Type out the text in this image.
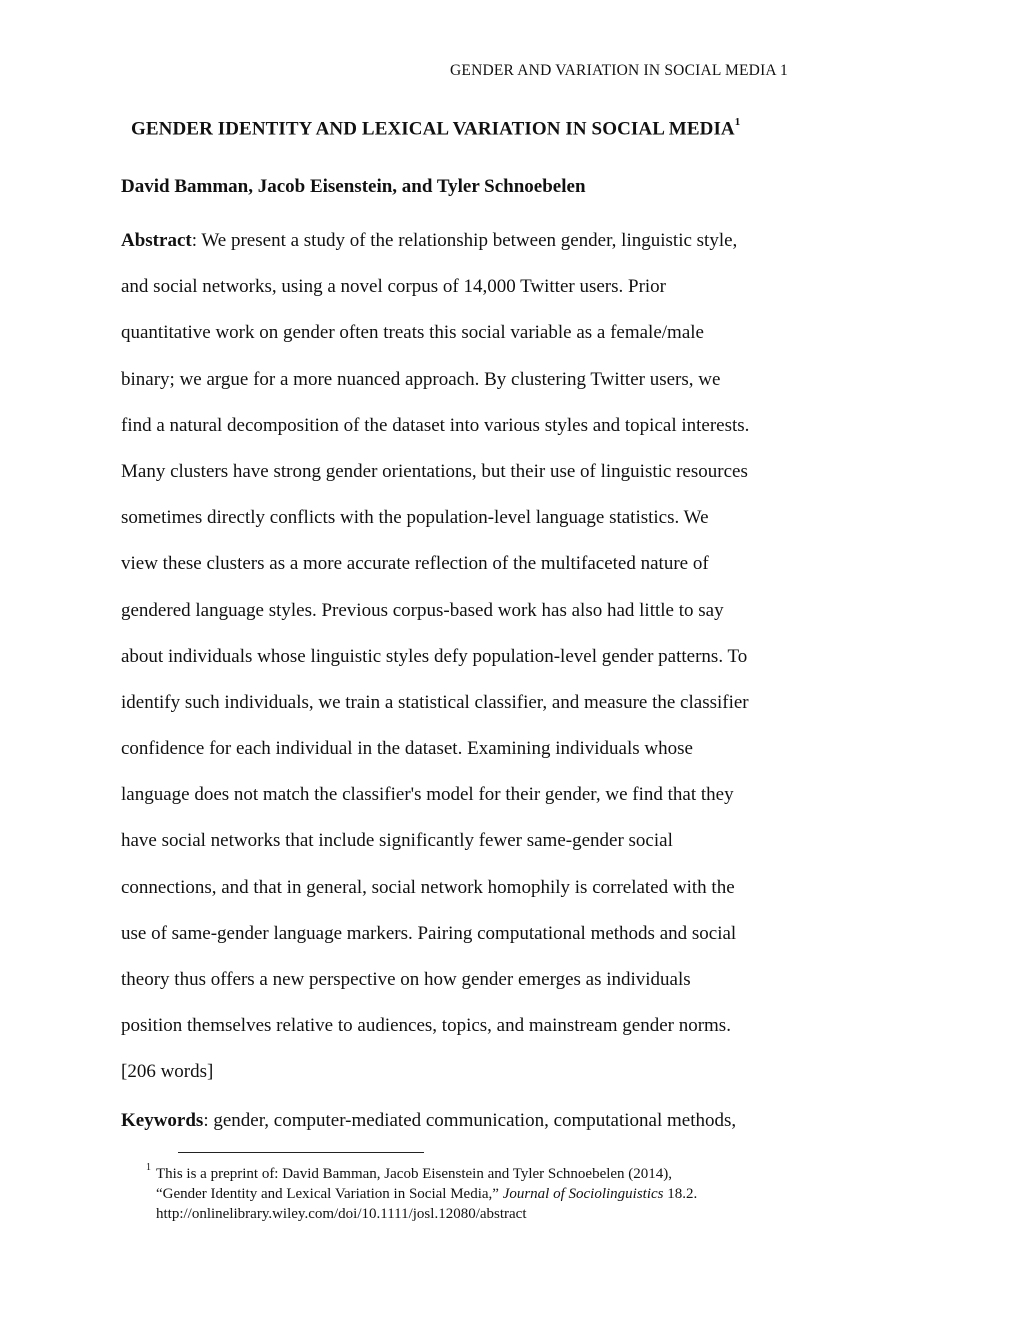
GENDER AND VARIATION IN SOCIAL MEDIA 1
GENDER IDENTITY AND LEXICAL VARIATION IN SOCIAL MEDIA$^1$
David Bamman, Jacob Eisenstein, and Tyler Schnoebelen
Abstract: We present a study of the relationship between gender, linguistic style,
and social networks, using a novel corpus of 14,000 Twitter users. Prior
quantitative work on gender often treats this social variable as a female/male
binary; we argue for a more nuanced approach. By clustering Twitter users, we
find a natural decomposition of the dataset into various styles and topical interests.
Many clusters have strong gender orientations, but their use of linguistic resources
sometimes directly conflicts with the population-level language statistics. We
view these clusters as a more accurate reflection of the multifaceted nature of
gendered language styles. Previous corpus-based work has also had little to say
about individuals whose linguistic styles defy population-level gender patterns. To
identify such individuals, we train a statistical classifier, and measure the classifier
confidence for each individual in the dataset. Examining individuals whose
language does not match the classifier's model for their gender, we find that they
have social networks that include significantly fewer same-gender social
connections, and that in general, social network homophily is correlated with the
use of same-gender language markers. Pairing computational methods and social
theory thus offers a new perspective on how gender emerges as individuals
position themselves relative to audiences, topics, and mainstream gender norms.
[206 words]
Keywords: gender, computer-mediated communication, computational methods,
$^1$ This is a preprint of: David Bamman, Jacob Eisenstein and Tyler Schnoebelen (2014),
“Gender Identity and Lexical Variation in Social Media,” Journal of Sociolinguistics 18.2.
http://onlinelibrary.wiley.com/doi/10.1111/josl.12080/abstract
